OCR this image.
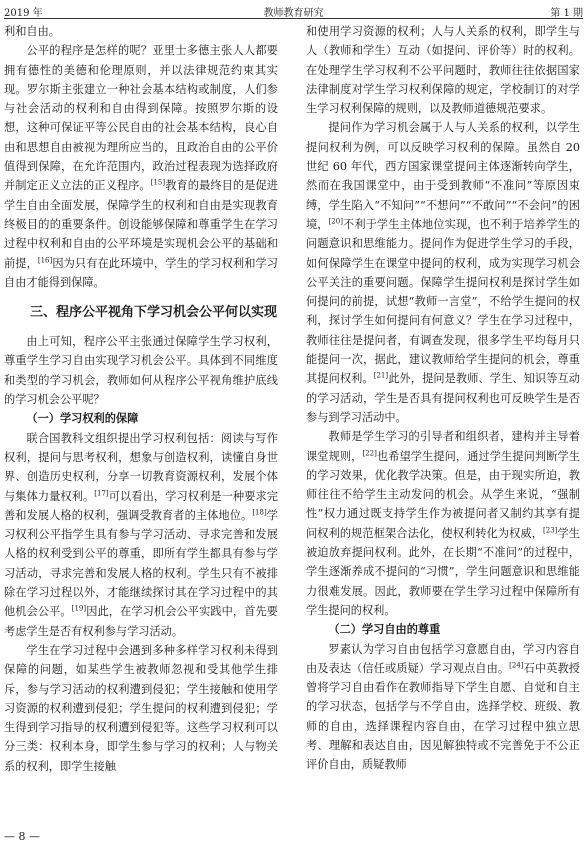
2019 年	教师教育研究	第 1 期

利和自由。

公平的程序是怎样的呢？亚里士多德主张人人都要拥有德性的美德和伦理原则，并以法律规范约束其实现。罗尔斯主张建立一种社会基本结构或制度，人们参与社会活动的权利和自由得到保障。按照罗尔斯的设想，这种可保证平等公民自由的社会基本结构，良心自由和思想自由被视为理所应当的，且政治自由的公平价值得到保障，在允许范围内，政治过程表现为选择政府并制定正义立法的正义程序。[15]教育的最终目的是促进学生自由全面发展，保障学生的权利和自由是实现教育终极目的的重要条件。创设能够保障和尊重学生在学习过程中权利和自由的公平环境是实现机会公平的基础和前提，[16]因为只有在此环境中，学生的学习权利和学习自由才能得到保障。

三、程序公平视角下学习机会公平何以实现

由上可知，程序公平主张通过保障学生学习权利，尊重学生学习自由实现学习机会公平。具体到不同维度和类型的学习机会，教师如何从程序公平视角维护底线的学习机会公平呢？

（一）学习权利的保障

联合国教科文组织提出学习权利包括：阅读与写作权利，提问与思考权利，想象与创造权利，读懂自身世界、创造历史权利，分享一切教育资源权利，发展个体与集体力量权利。[17]可以看出，学习权利是一种要求完善和发展人格的权利，强调受教育者的主体地位。[18]学习权利公平指学生具有参与学习活动、寻求完善和发展人格的权利受到公平的尊重，即所有学生都具有参与学习活动，寻求完善和发展人格的权利。学生只有不被排除在学习过程以外，才能继续探讨其在学习过程中的其他机会公平。[19]因此，在学习机会公平实践中，首先要考虑学生是否有权利参与学习活动。

学生在学习过程中会遇到多种多样学习权利未得到保障的问题，如某些学生被教师忽视和受其他学生排斥，参与学习活动的权利遭到侵犯；学生接触和使用学习资源的权利遭到侵犯；学生提问的权利遭到侵犯；学生得到学习指导的权利遭到侵犯等。这些学习权利可以分三类：权利本身，即学生参与学习的权利；人与物关系的权利，即学生接触

和使用学习资源的权利；人与人关系的权利，即学生与人（教师和学生）互动（如提问、评价等）时的权利。在处理学生学习权利不公平问题时，教师往往依据国家法律制度对学生学习权利保障的规定，学校制订的对学生学习权利保障的规则，以及教师道德规范要求。

提问作为学习机会属于人与人关系的权利，以学生提问权利为例，可以反映学习权利的保障。虽然自 20 世纪 60 年代，西方国家课堂提问主体逐渐转向学生，然而在我国课堂中，由于受到教师“不准问”等原因束缚，学生陷入“不知问”“不想问”“不敢问”“不会问”的困境，[20]不利于学生主体地位实现，也不利于培养学生的问题意识和思维能力。提问作为促进学生学习的手段，如何保障学生在课堂中提问的权利，成为实现学习机会公平关注的重要问题。保障学生提问权利是探讨学生如何提问的前提，试想“教师一言堂”，不给学生提问的权利，探讨学生如何提问有何意义？学生在学习过程中，教师往往是提问者，有调查发现，很多学生平均每月只能提问一次，据此，建议教师给学生提问的机会，尊重其提问权利。[21]此外，提问是教师、学生、知识等互动的学习活动，学生是否具有提问权利也可反映学生是否参与到学习活动中。

教师是学生学习的引导者和组织者，建构并主导着课堂规则，[22]也希望学生提问，通过学生提问判断学生的学习效果，优化教学决策。但是，由于现实所迫，教师往往不给学生主动发问的机会。从学生来说，“强制性”权力通过既支持学生作为被提问者又制约其享有提问权利的规范框架合法化，使权利转化为权威，[23]学生被迫放弃提问权利。此外，在长期“不准问”的过程中，学生逐渐养成不提问的“习惯”，学生问题意识和思维能力很难发展。因此，教师要在学生学习过程中保障所有学生提问的权利。

（二）学习自由的尊重

罗素认为学习自由包括学习意愿自由，学习内容自由及表达（信任或质疑）学习观点自由。[24]石中英教授曾将学习自由看作在教师指导下学生自愿、自觉和自主的学习状态，包括学与不学自由，选择学校、班级、教师的自由，选择课程内容自由，在学习过程中独立思考、理解和表达自由，因见解独特或不完善免于不公正评价自由，质疑教师

— 8 —
